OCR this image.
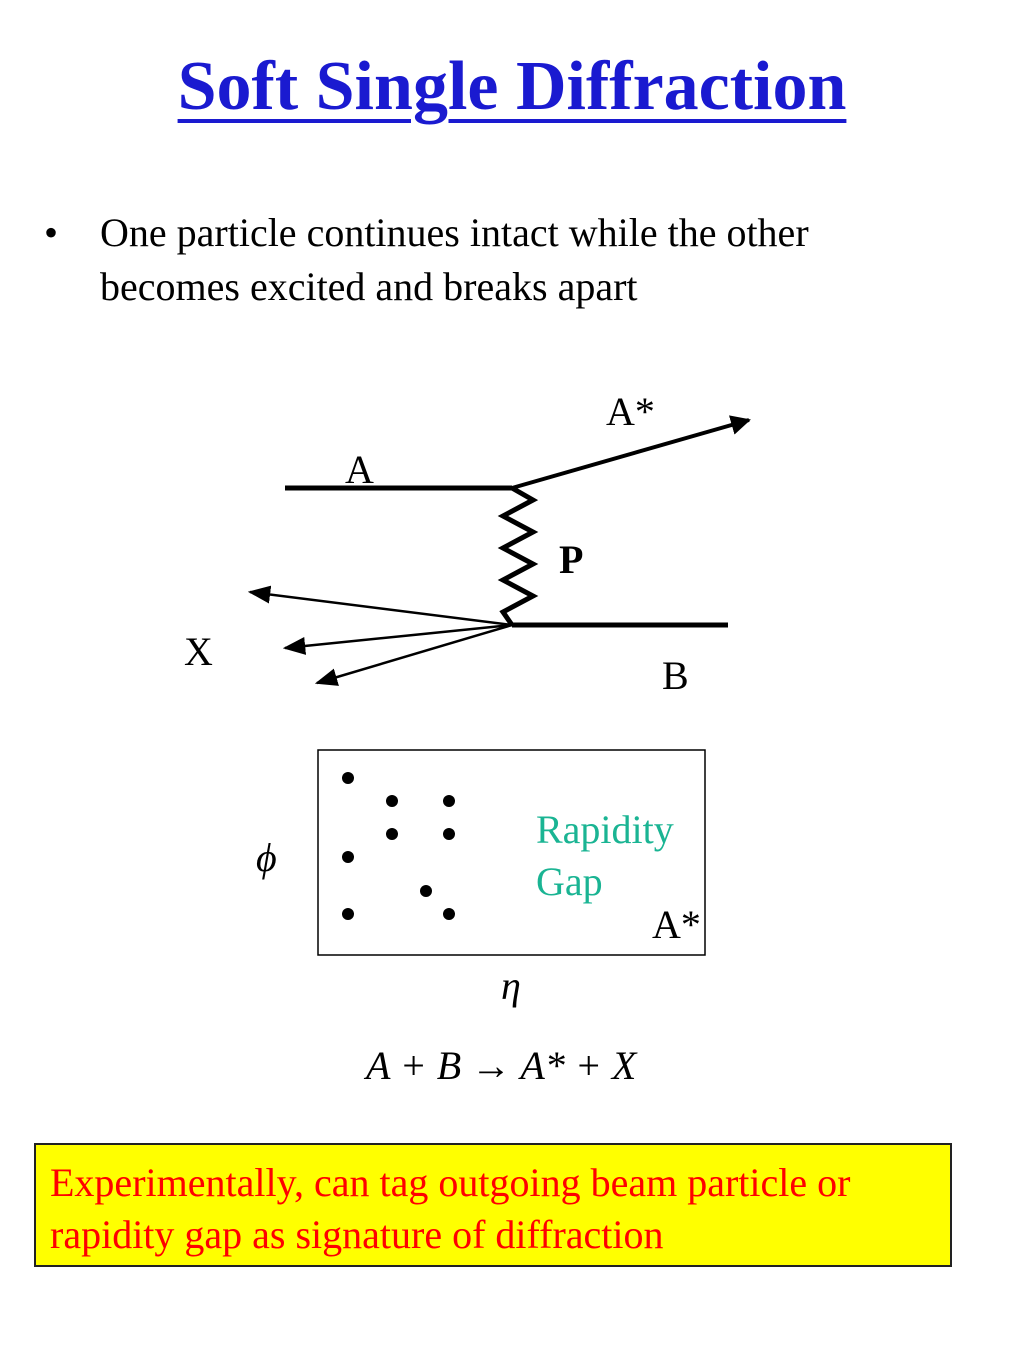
Soft Single Diffraction
• One particle continues intact while the other becomes excited and breaks apart
A*
A
P
X
B
ϕ
Rapidity
Gap
A*
η
A + B → A* + X
Experimentally, can tag outgoing beam particle or rapidity gap as signature of diffraction
